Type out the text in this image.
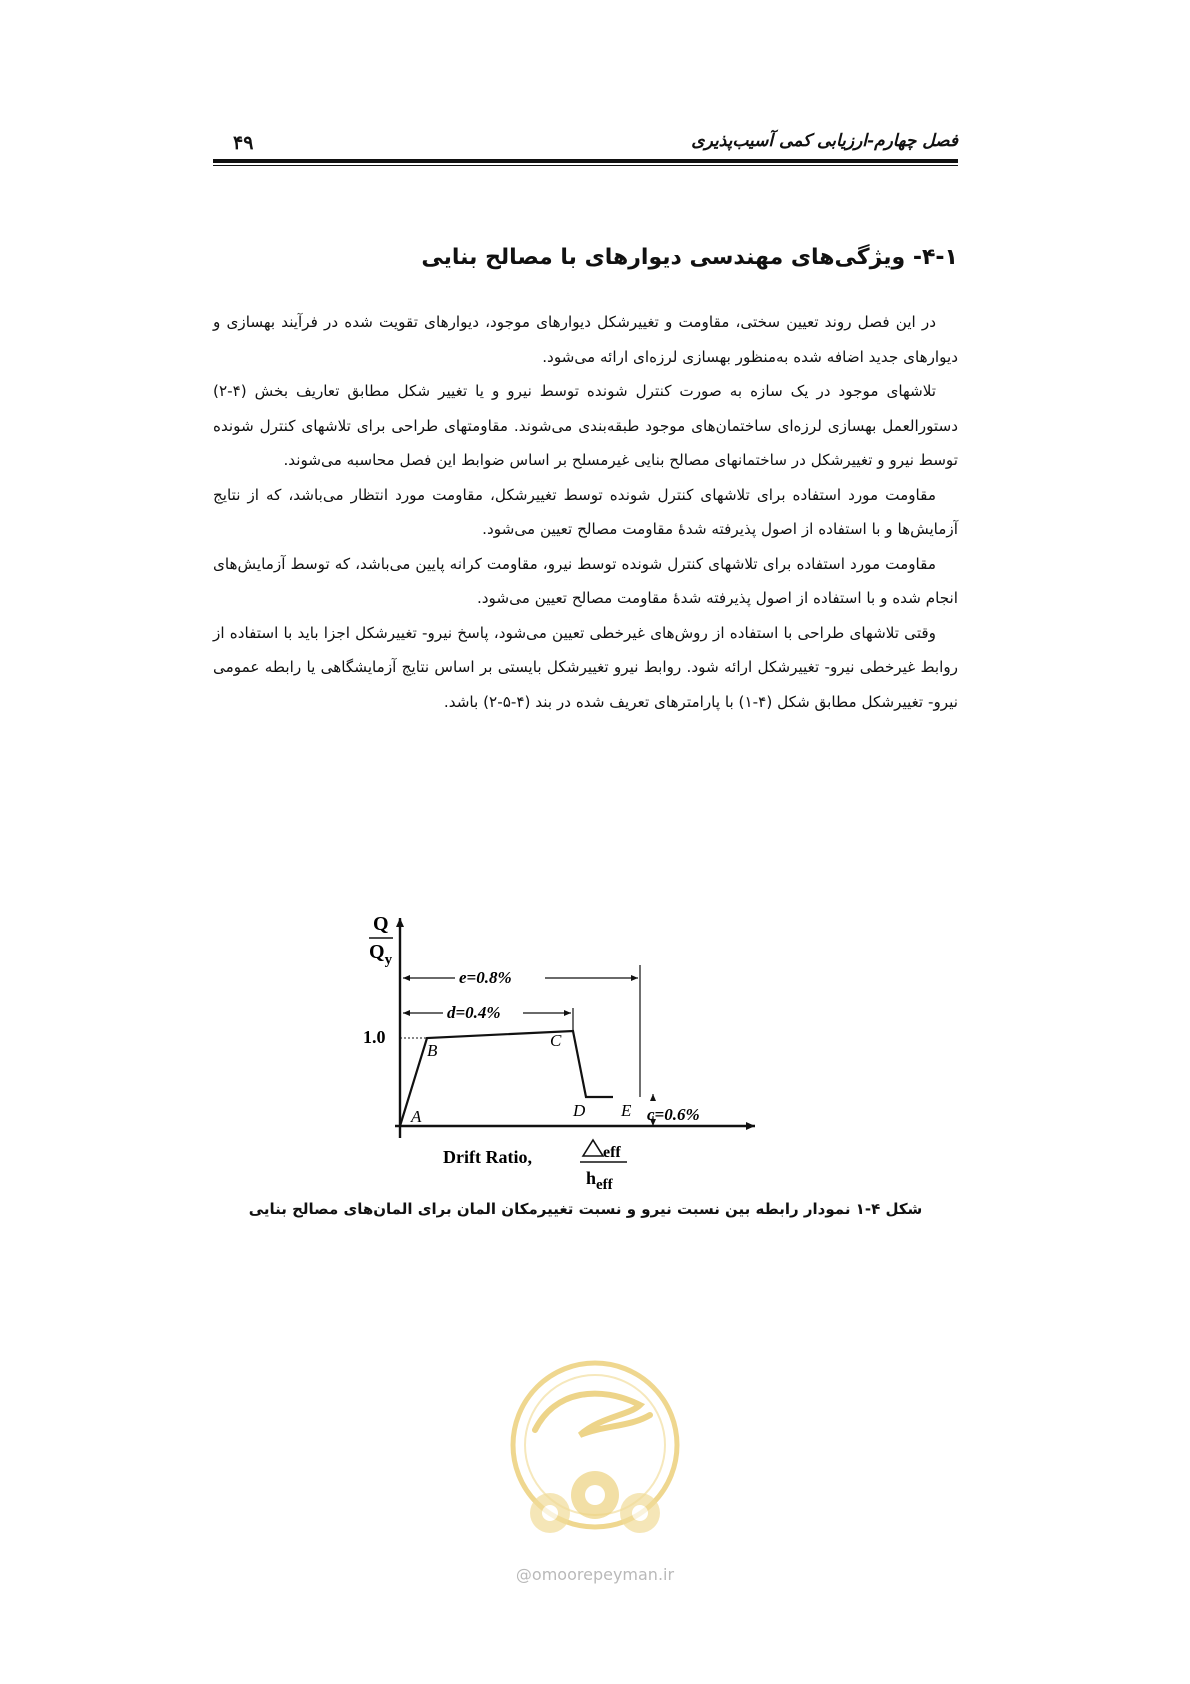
۴۹	فصل چهارم-ارزیابی کمی آسیب‌پذیری
۴-۱- ویژگی‌های مهندسی دیوارهای با مصالح بنایی

در این فصل روند تعیین سختی، مقاومت و تغییرشکل دیوارهای موجود، دیوارهای تقویت شده در فرآیند بهسازی و دیوارهای جدید اضافه شده به‌منظور بهسازی لرزه‌ای ارائه می‌شود.

تلاشهای موجود در یک سازه به صورت کنترل شونده توسط نیرو و یا تغییر شکل مطابق تعاریف بخش (۴-۲) دستورالعمل بهسازی لرزه‌ای ساختمان‌های موجود طبقه‌بندی می‌شوند. مقاومتهای طراحی برای تلاشهای کنترل شونده توسط نیرو و تغییرشکل در ساختمانهای مصالح بنایی غیرمسلح بر اساس ضوابط این فصل محاسبه می‌شوند.

مقاومت مورد استفاده برای تلاشهای کنترل شونده توسط تغییرشکل، مقاومت مورد انتظار می‌باشد، که از نتایج آزمایش‌ها و با استفاده از اصول پذیرفته شدهٔ مقاومت مصالح تعیین می‌شود.

مقاومت مورد استفاده برای تلاشهای کنترل شونده توسط نیرو، مقاومت کرانه پایین می‌باشد، که توسط آزمایش‌های انجام شده و با استفاده از اصول پذیرفته شدهٔ مقاومت مصالح تعیین می‌شود.

وقتی تلاشهای طراحی با استفاده از روش‌های غیرخطی تعیین می‌شود، پاسخ نیرو- تغییرشکل اجزا باید با استفاده از روابط غیرخطی نیرو- تغییرشکل ارائه شود. روابط نیرو تغییرشکل بایستی بر اساس نتایج آزمایشگاهی یا رابطه عمومی نیرو- تغییرشکل مطابق شکل (۴-۱) با پارامترهای تعریف شده در بند (۴-۵-۲) باشد.

Q
$Q_y$
1.0
A
B
C
D E
e=0.8%
d=0.4%
c=0.6%
Drift Ratio,	eff
$h_{eff}$
شکل ۴-۱ نمودار رابطه بین نسبت نیرو و نسبت تغییرمکان المان برای المان‌های مصالح بنایی
@omoorepeyman.ir
